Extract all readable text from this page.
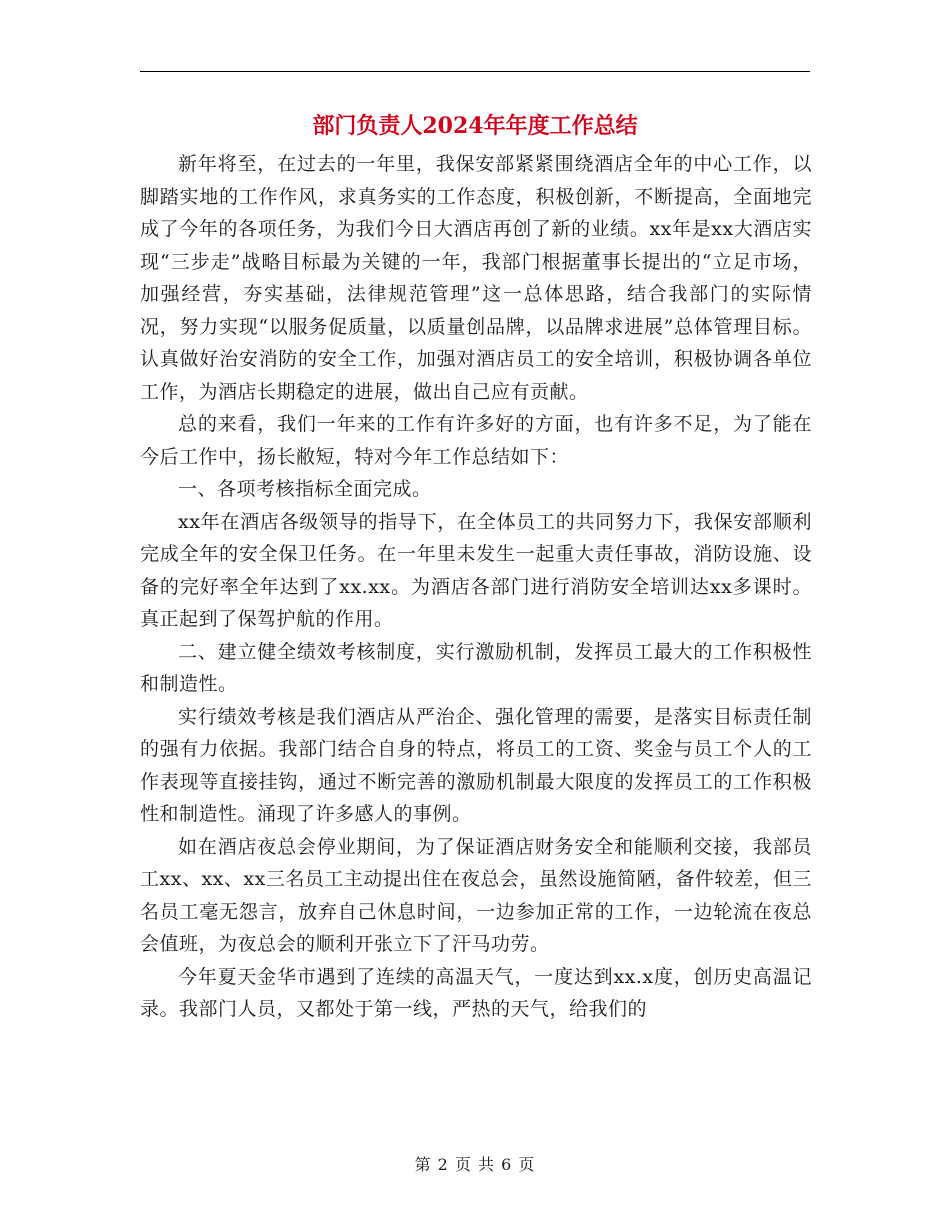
部门负责人2024年年度工作总结

新年将至，在过去的一年里，我保安部紧紧围绕酒店全年的中心工作，以脚踏实地的工作作风，求真务实的工作态度，积极创新，不断提高，全面地完成了今年的各项任务，为我们今日大酒店再创了新的业绩。xx年是xx大酒店实现“三步走”战略目标最为关键的一年，我部门根据董事长提出的“立足市场，加强经营，夯实基础，法律规范管理”这一总体思路，结合我部门的实际情况，努力实现“以服务促质量，以质量创品牌，以品牌求进展”总体管理目标。认真做好治安消防的安全工作，加强对酒店员工的安全培训，积极协调各单位工作，为酒店长期稳定的进展，做出自己应有贡献。

总的来看，我们一年来的工作有许多好的方面，也有许多不足，为了能在今后工作中，扬长敝短，特对今年工作总结如下：

一、各项考核指标全面完成。

xx年在酒店各级领导的指导下，在全体员工的共同努力下，我保安部顺利完成全年的安全保卫任务。在一年里未发生一起重大责任事故，消防设施、设备的完好率全年达到了xx.xx。为酒店各部门进行消防安全培训达xx多课时。真正起到了保驾护航的作用。

二、建立健全绩效考核制度，实行激励机制，发挥员工最大的工作积极性和制造性。

实行绩效考核是我们酒店从严治企、强化管理的需要，是落实目标责任制的强有力依据。我部门结合自身的特点，将员工的工资、奖金与员工个人的工作表现等直接挂钩，通过不断完善的激励机制最大限度的发挥员工的工作积极性和制造性。涌现了许多感人的事例。

如在酒店夜总会停业期间，为了保证酒店财务安全和能顺利交接，我部员工xx、xx、xx三名员工主动提出住在夜总会，虽然设施简陋，备件较差，但三名员工毫无怨言，放弃自己休息时间，一边参加正常的工作，一边轮流在夜总会值班，为夜总会的顺利开张立下了汗马功劳。

今年夏天金华市遇到了连续的高温天气，一度达到xx.x度，创历史高温记录。我部门人员，又都处于第一线，严热的天气，给我们的

第 2 页 共 6 页
